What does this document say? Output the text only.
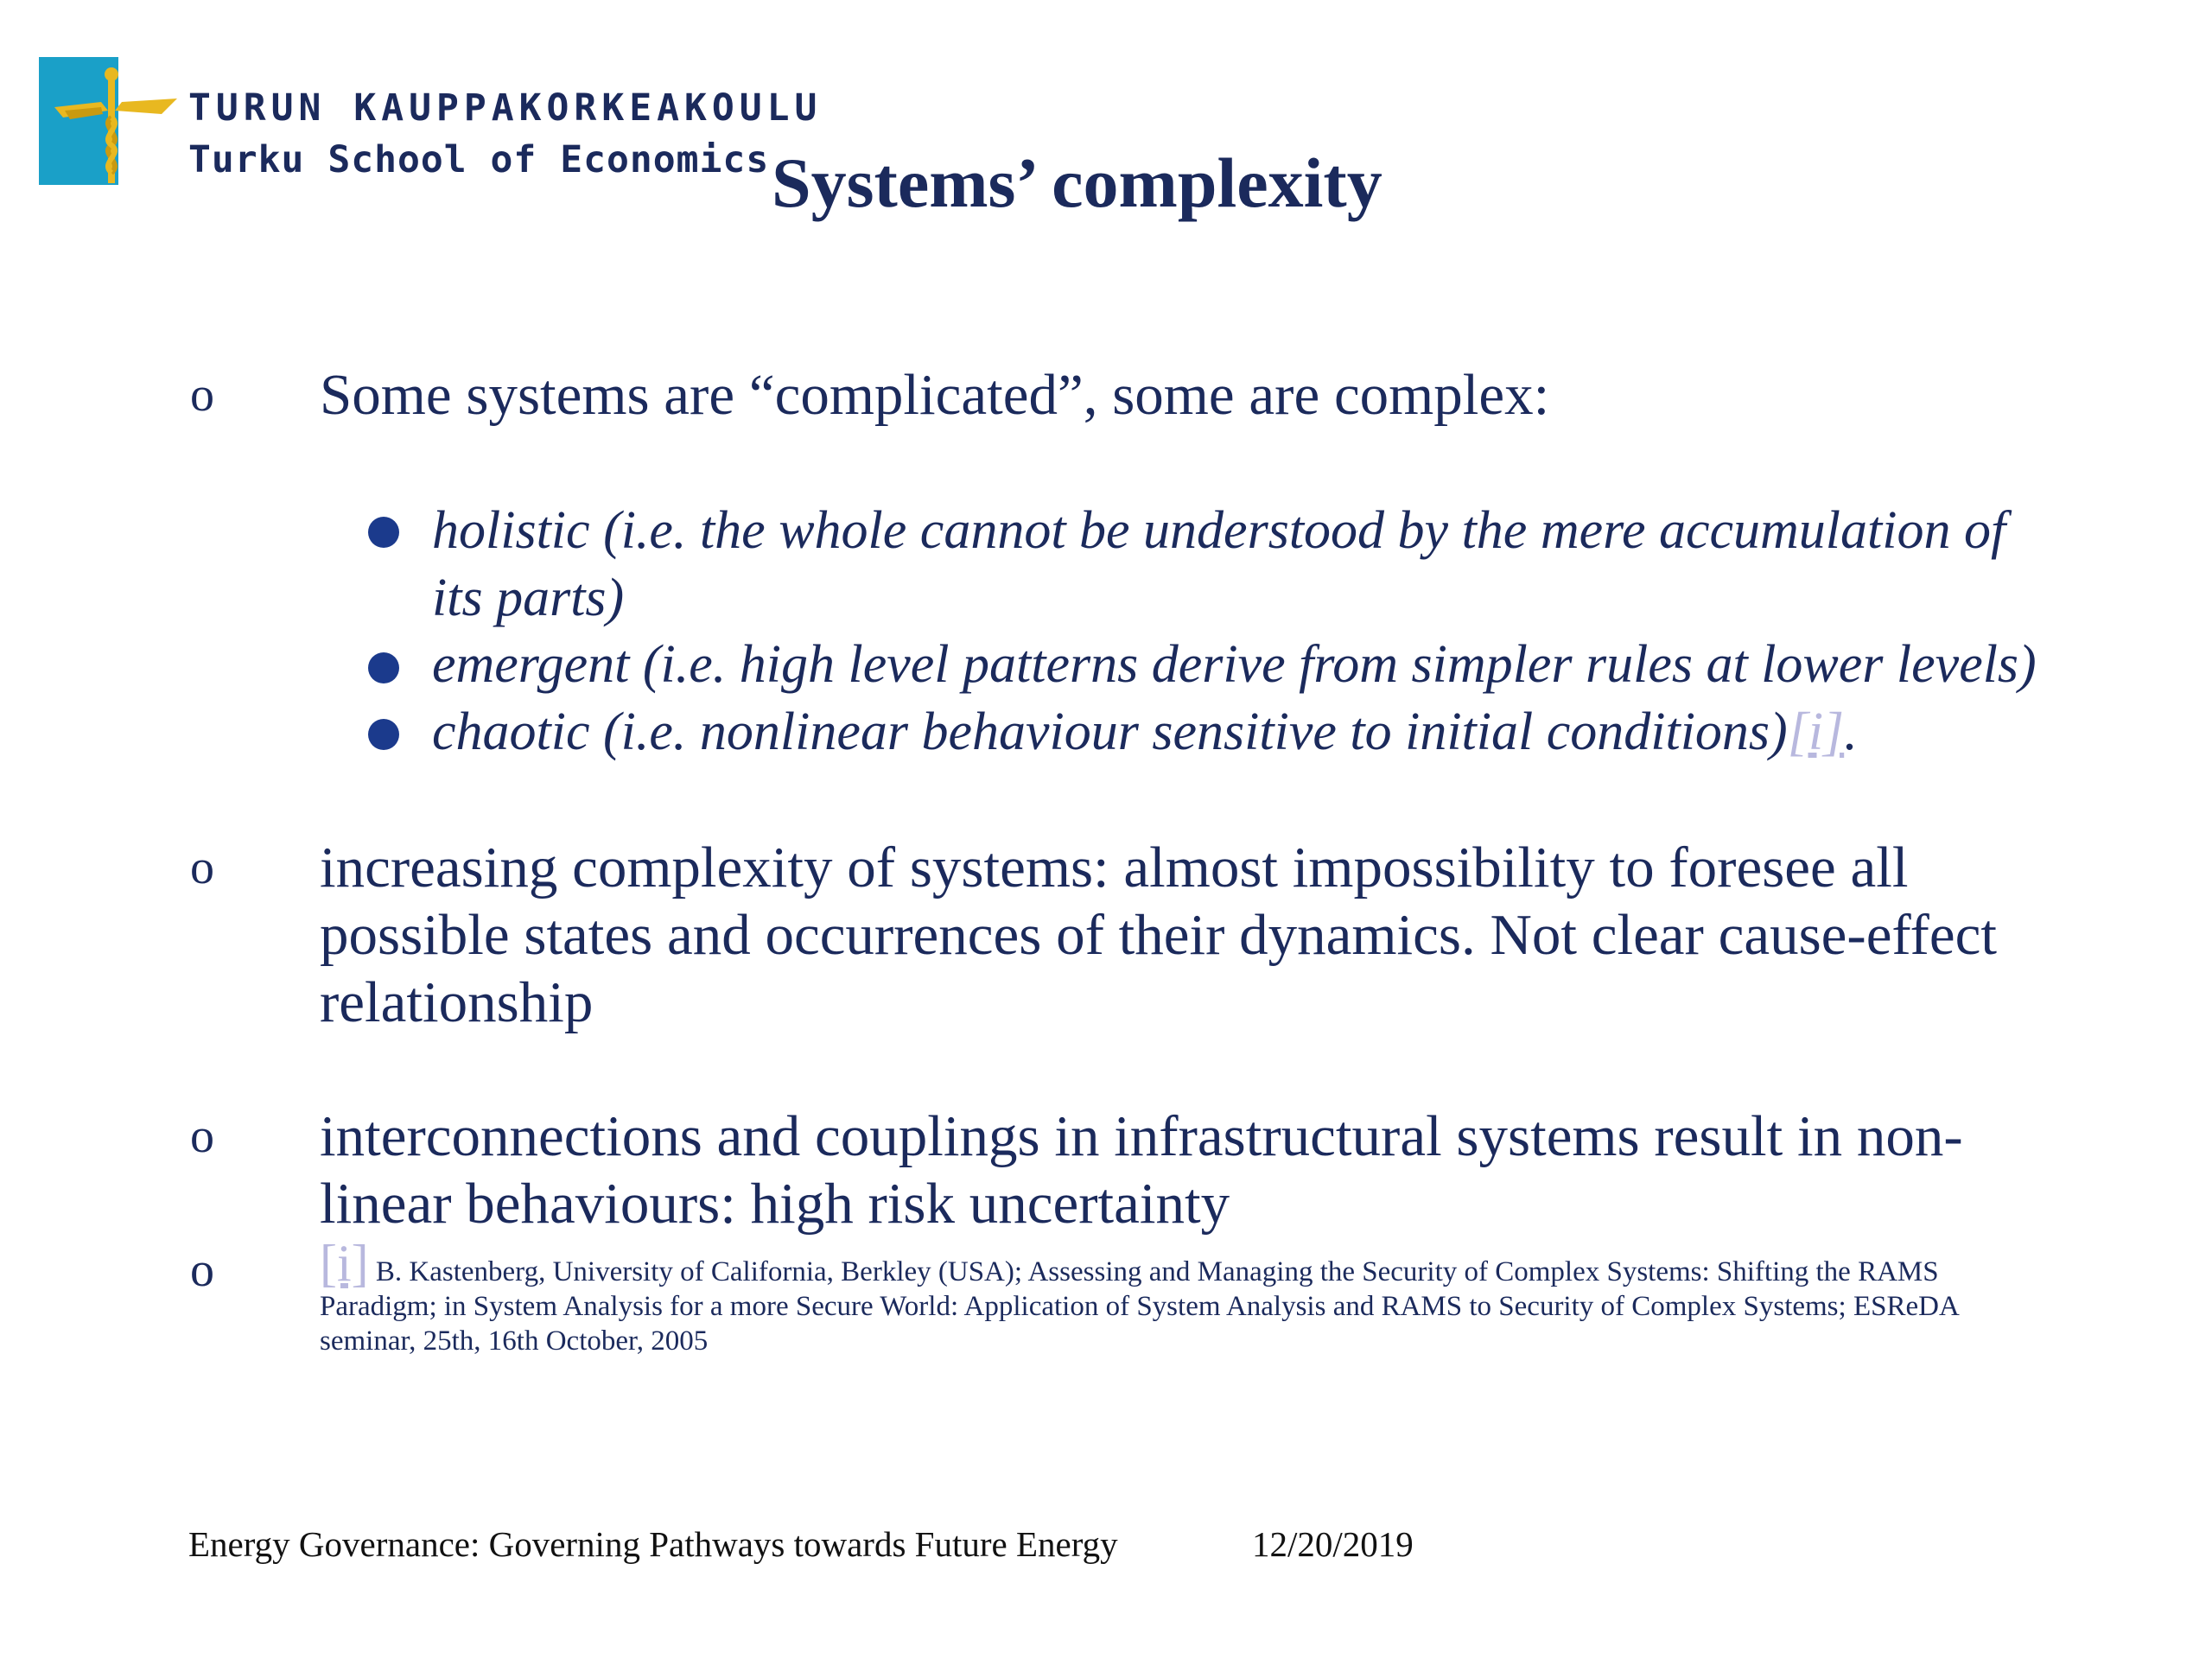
TURUN KAUPPAKORKEAKOULU
Turku School of Economics Systems’ complexity
o Some systems are “complicated”, some are complex:
holistic (i.e. the whole cannot be understood by the mere accumulation of its parts)
emergent (i.e. high level patterns derive from simpler rules at lower levels)
chaotic (i.e. nonlinear behaviour sensitive to initial conditions)[i].
o increasing complexity of systems: almost impossibility to foresee all possible states and occurrences of their dynamics. Not clear cause-effect relationship
o interconnections and couplings in infrastructural systems result in non-linear behaviours: high risk uncertainty
o [i] B. Kastenberg, University of California, Berkley (USA); Assessing and Managing the Security of Complex Systems: Shifting the RAMS Paradigm; in System Analysis for a more Secure World: Application of System Analysis and RAMS to Security of Complex Systems; ESReDA seminar, 25th, 16th October, 2005
Energy Governance: Governing Pathways towards Future Energy	12/20/2019
